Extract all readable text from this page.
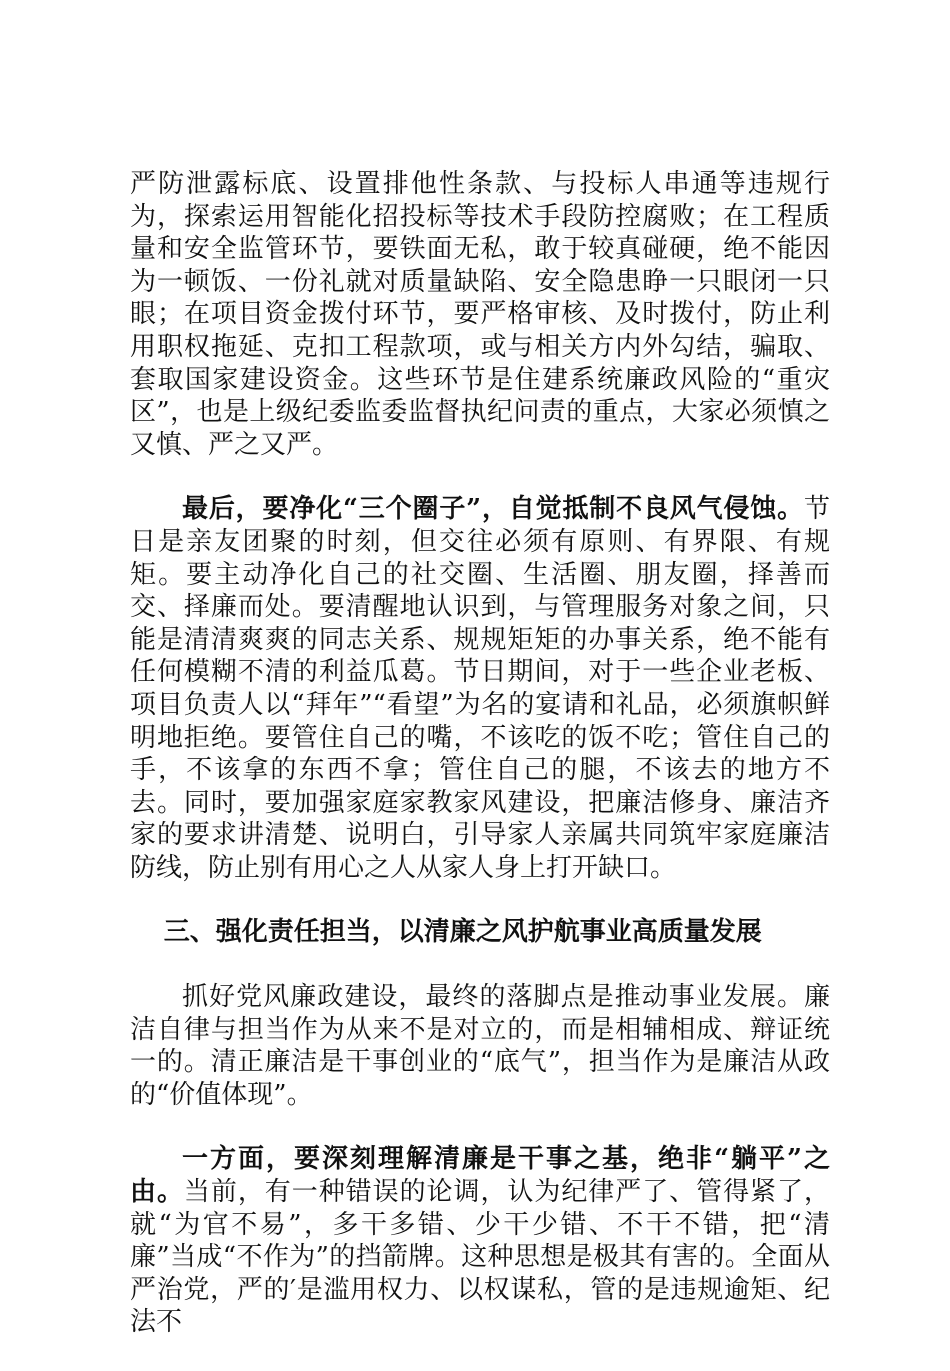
严防泄露标底、设置排他性条款、与投标人串通等违规行为，探索运用智能化招投标等技术手段防控腐败；在工程质量和安全监管环节，要铁面无私，敢于较真碰硬，绝不能因为一顿饭、一份礼就对质量缺陷、安全隐患睁一只眼闭一只眼；在项目资金拨付环节，要严格审核、及时拨付，防止利用职权拖延、克扣工程款项，或与相关方内外勾结，骗取、套取国家建设资金。这些环节是住建系统廉政风险的“重灾区”，也是上级纪委监委监督执纪问责的重点，大家必须慎之又慎、严之又严。

最后，要净化“三个圈子”，自觉抵制不良风气侵蚀。节日是亲友团聚的时刻，但交往必须有原则、有界限、有规矩。要主动净化自己的社交圈、生活圈、朋友圈，择善而交、择廉而处。要清醒地认识到，与管理服务对象之间，只能是清清爽爽的同志关系、规规矩矩的办事关系，绝不能有任何模糊不清的利益瓜葛。节日期间，对于一些企业老板、项目负责人以“拜年”“看望”为名的宴请和礼品，必须旗帜鲜明地拒绝。要管住自己的嘴，不该吃的饭不吃；管住自己的手，不该拿的东西不拿；管住自己的腿，不该去的地方不去。同时，要加强家庭家教家风建设，把廉洁修身、廉洁齐家的要求讲清楚、说明白，引导家人亲属共同筑牢家庭廉洁防线，防止别有用心之人从家人身上打开缺口。

三、强化责任担当，以清廉之风护航事业高质量发展

抓好党风廉政建设，最终的落脚点是推动事业发展。廉洁自律与担当作为从来不是对立的，而是相辅相成、辩证统一的。清正廉洁是干事创业的“底气”，担当作为是廉洁从政的“价值体现”。

一方面，要深刻理解清廉是干事之基，绝非“躺平”之由。当前，有一种错误的论调，认为纪律严了、管得紧了，就“为官不易”，多干多错、少干少错、不干不错，把“清廉”当成“不作为”的挡箭牌。这种思想是极其有害的。全面从严治党，严的′是滥用权力、以权谋私，管的是违规逾矩、纪法不
